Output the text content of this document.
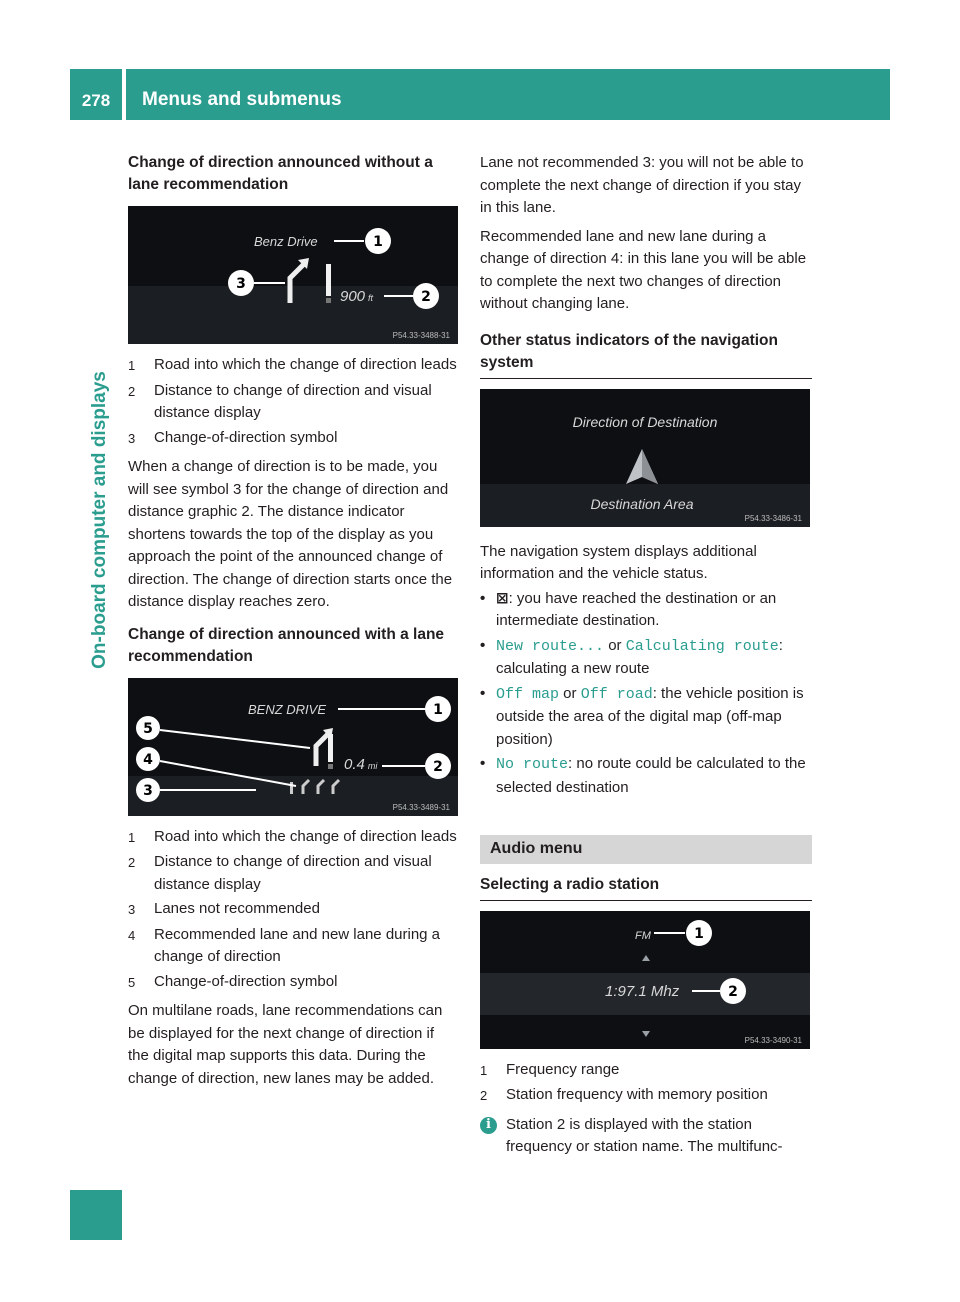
278	Menus and submenus
On-board computer and displays
Change of direction announced without a lane recommendation
Benz Drive	1
900 ft	2
3
P54.33-3488-31
1	Road into which the change of direction leads
2	Distance to change of direction and visual distance display
3	Change-of-direction symbol

When a change of direction is to be made, you will see symbol 3 for the change of direction and distance graphic 2. The distance indicator shortens towards the top of the display as you approach the point of the announced change of direction. The change of direction starts once the distance display reaches zero.

Change of direction announced with a lane recommendation
BENZ DRIVE	1
0.4 mi	2
5
4
3
P54.33-3489-31
1	Road into which the change of direction leads
2	Distance to change of direction and visual distance display
3	Lanes not recommended
4	Recommended lane and new lane during a change of direction
5	Change-of-direction symbol

On multilane roads, lane recommendations can be displayed for the next change of direction if the digital map supports this data. During the change of direction, new lanes may be added.

Lane not recommended 3: you will not be able to complete the next change of direction if you stay in this lane.

Recommended lane and new lane during a change of direction 4: in this lane you will be able to complete the next two changes of direction without changing lane.

Other status indicators of the navigation system
Direction of Destination
Destination Area
P54.33-3486-31

The navigation system displays additional information and the vehicle status.

• ⊠: you have reached the destination or an intermediate destination.
• New route... or Calculating route: calculating a new route
• Off map or Off road: the vehicle position is outside the area of the digital map (off-map position)
• No route: no route could be calculated to the selected destination
Audio menu
Selecting a radio station
FM	1
1:97.1 Mhz	2
P54.33-3490-31
1	Frequency range
2	Station frequency with memory position
i	Station 2 is displayed with the station frequency or station name. The multifunc-
